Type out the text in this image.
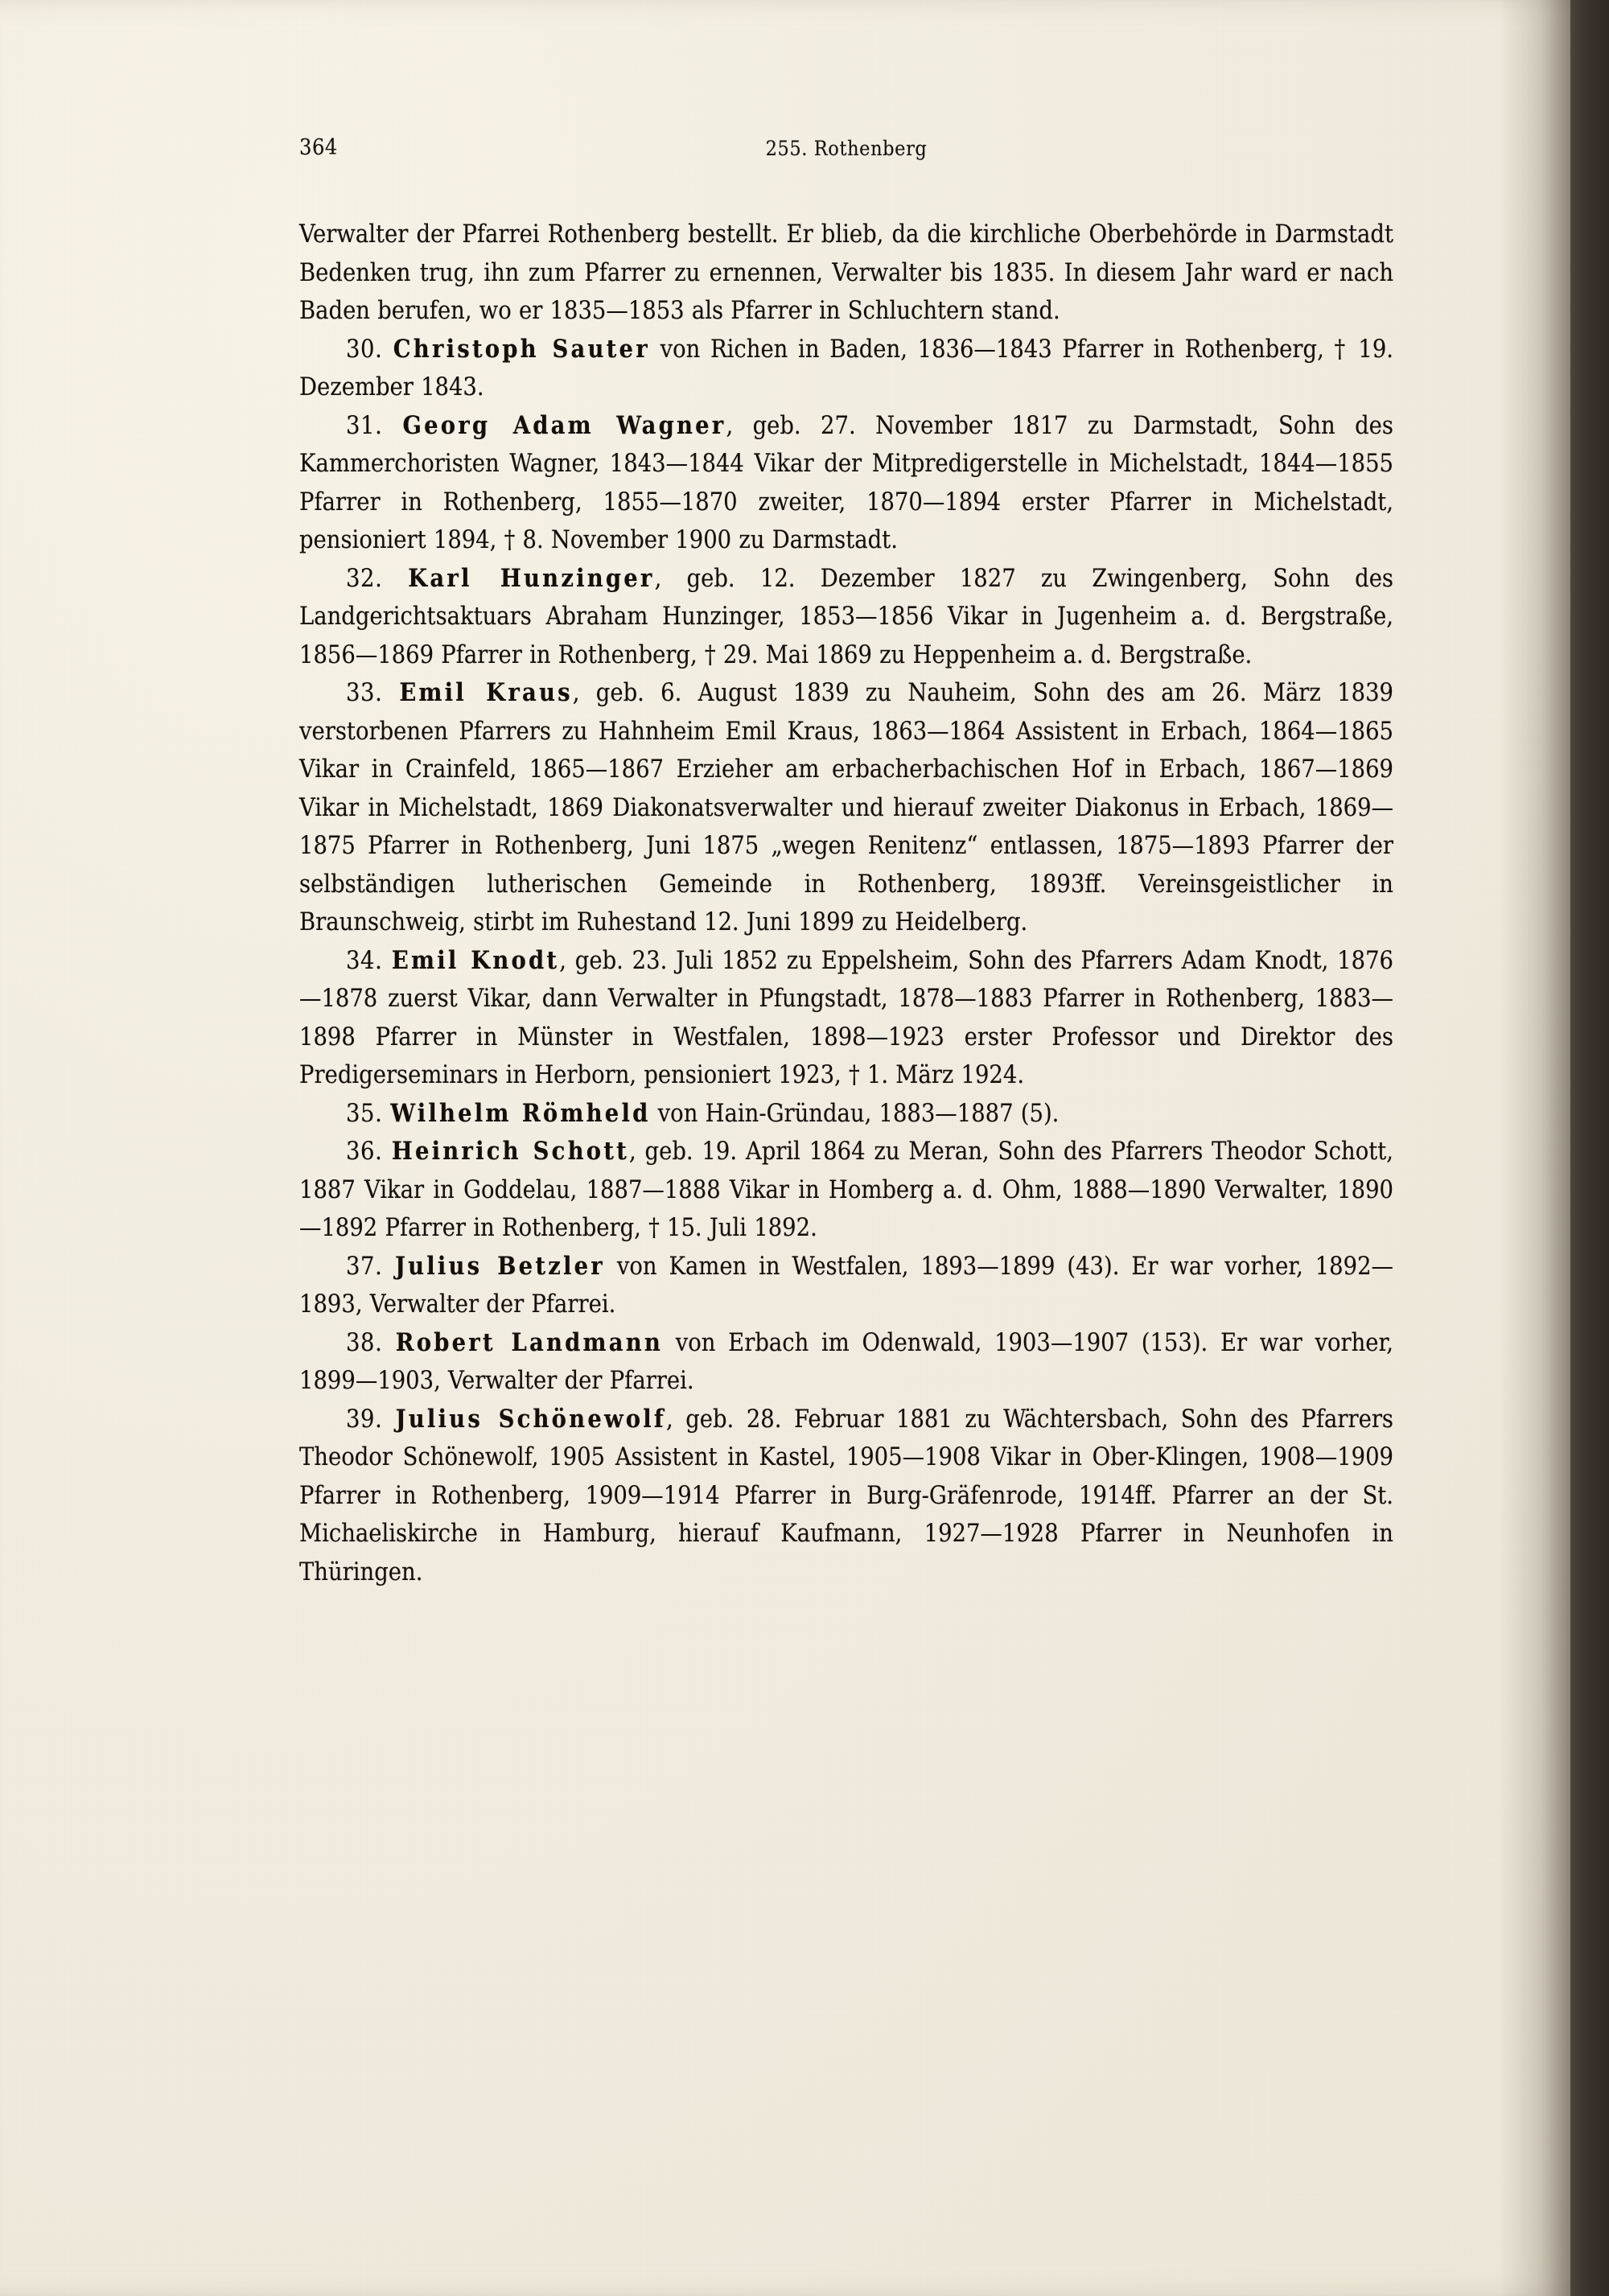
364	255. Rothenberg

Verwalter der Pfarrei Rothenberg bestellt. Er blieb, da die kirchliche Oberbehörde in Darmstadt Bedenken trug, ihn zum Pfarrer zu ernennen, Verwalter bis 1835. In diesem Jahr ward er nach Baden berufen, wo er 1835—1853 als Pfarrer in Schluchtern stand.

30. Christoph Sauter von Richen in Baden, 1836—1843 Pfarrer in Rothenberg, † 19. Dezember 1843.

31. Georg Adam Wagner, geb. 27. November 1817 zu Darmstadt, Sohn des Kammerchoristen Wagner, 1843—1844 Vikar der Mitpredigerstelle in Michelstadt, 1844—1855 Pfarrer in Rothenberg, 1855—1870 zweiter, 1870—1894 erster Pfarrer in Michelstadt, pensioniert 1894, † 8. November 1900 zu Darmstadt.

32. Karl Hunzinger, geb. 12. Dezember 1827 zu Zwingenberg, Sohn des Landgerichtsaktuars Abraham Hunzinger, 1853—1856 Vikar in Jugenheim a. d. Bergstraße, 1856—1869 Pfarrer in Rothenberg, † 29. Mai 1869 zu Heppenheim a. d. Bergstraße.

33. Emil Kraus, geb. 6. August 1839 zu Nauheim, Sohn des am 26. März 1839 verstorbenen Pfarrers zu Hahnheim Emil Kraus, 1863—1864 Assistent in Erbach, 1864—1865 Vikar in Crainfeld, 1865—1867 Erzieher am erbacherbachischen Hof in Erbach, 1867—1869 Vikar in Michelstadt, 1869 Diakonatsverwalter und hierauf zweiter Diakonus in Erbach, 1869—1875 Pfarrer in Rothenberg, Juni 1875 „wegen Renitenz“ entlassen, 1875—1893 Pfarrer der selbständigen lutherischen Gemeinde in Rothenberg, 1893ff. Vereinsgeistlicher in Braunschweig, stirbt im Ruhestand 12. Juni 1899 zu Heidelberg.

34. Emil Knodt, geb. 23. Juli 1852 zu Eppelsheim, Sohn des Pfarrers Adam Knodt, 1876—1878 zuerst Vikar, dann Verwalter in Pfungstadt, 1878—1883 Pfarrer in Rothenberg, 1883—1898 Pfarrer in Münster in Westfalen, 1898—1923 erster Professor und Direktor des Predigerseminars in Herborn, pensioniert 1923, † 1. März 1924.

35. Wilhelm Römheld von Hain-Gründau, 1883—1887 (5).

36. Heinrich Schott, geb. 19. April 1864 zu Meran, Sohn des Pfarrers Theodor Schott, 1887 Vikar in Goddelau, 1887—1888 Vikar in Homberg a. d. Ohm, 1888—1890 Verwalter, 1890—1892 Pfarrer in Rothenberg, † 15. Juli 1892.

37. Julius Betzler von Kamen in Westfalen, 1893—1899 (43). Er war vorher, 1892—1893, Verwalter der Pfarrei.

38. Robert Landmann von Erbach im Odenwald, 1903—1907 (153). Er war vorher, 1899—1903, Verwalter der Pfarrei.

39. Julius Schönewolf, geb. 28. Februar 1881 zu Wächtersbach, Sohn des Pfarrers Theodor Schönewolf, 1905 Assistent in Kastel, 1905—1908 Vikar in Ober-Klingen, 1908—1909 Pfarrer in Rothenberg, 1909—1914 Pfarrer in Burg-Gräfenrode, 1914ff. Pfarrer an der St. Michaeliskirche in Hamburg, hierauf Kaufmann, 1927—1928 Pfarrer in Neunhofen in Thüringen.
